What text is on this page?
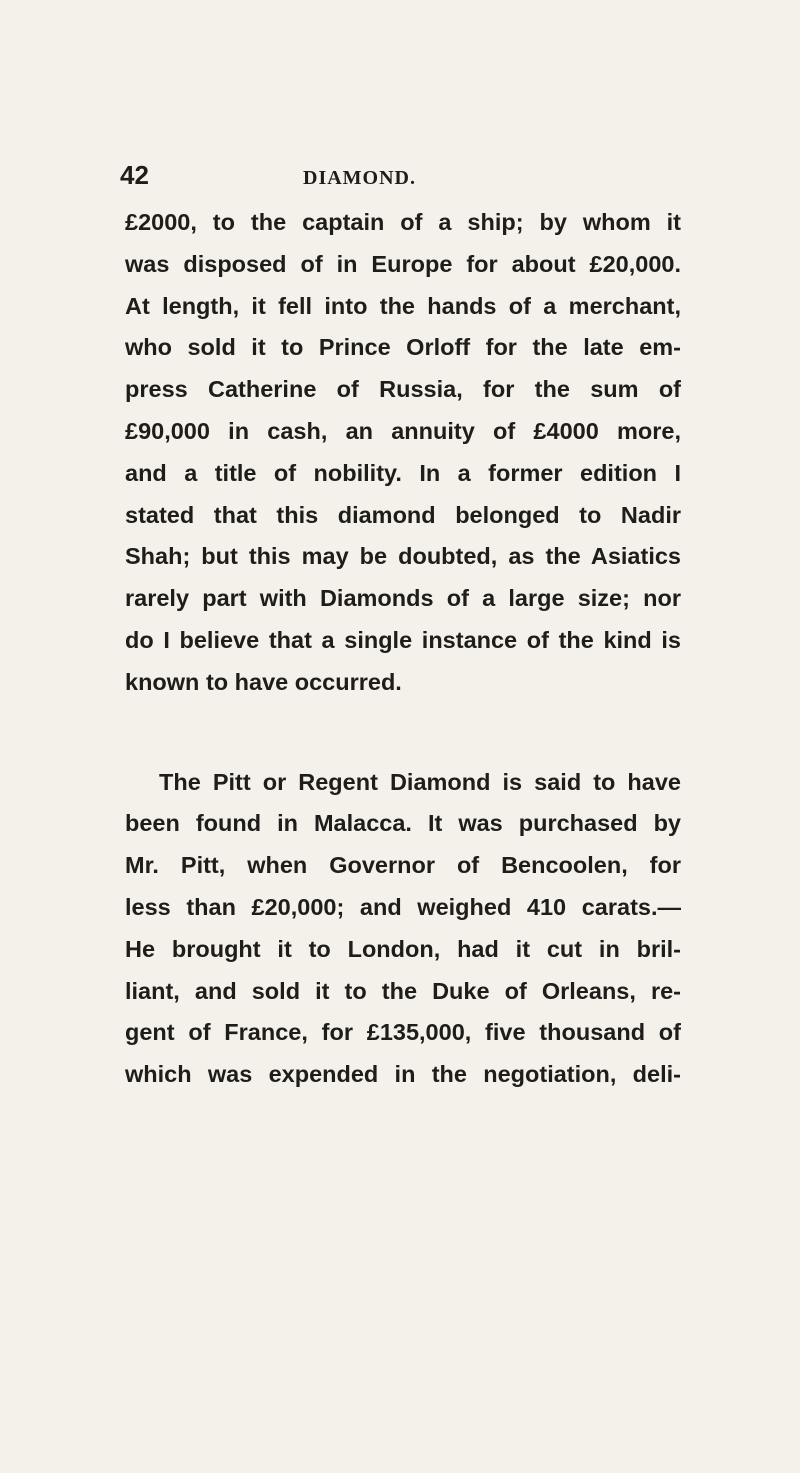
42	DIAMOND.
£2000, to the captain of a ship; by whom it
was disposed of in Europe for about £20,000.
At length, it fell into the hands of a merchant,
who sold it to Prince Orloff for the late em-
press Catherine of Russia, for the sum of
£90,000 in cash, an annuity of £4000 more,
and a title of nobility. In a former edition I
stated that this diamond belonged to Nadir
Shah; but this may be doubted, as the Asiatics
rarely part with Diamonds of a large size; nor
do I believe that a single instance of the kind is
known to have occurred.
The Pitt or Regent Diamond is said to have
been found in Malacca. It was purchased by
Mr. Pitt, when Governor of Bencoolen, for
less than £20,000; and weighed 410 carats.—
He brought it to London, had it cut in bril-
liant, and sold it to the Duke of Orleans, re-
gent of France, for £135,000, five thousand of
which was expended in the negotiation, deli-
